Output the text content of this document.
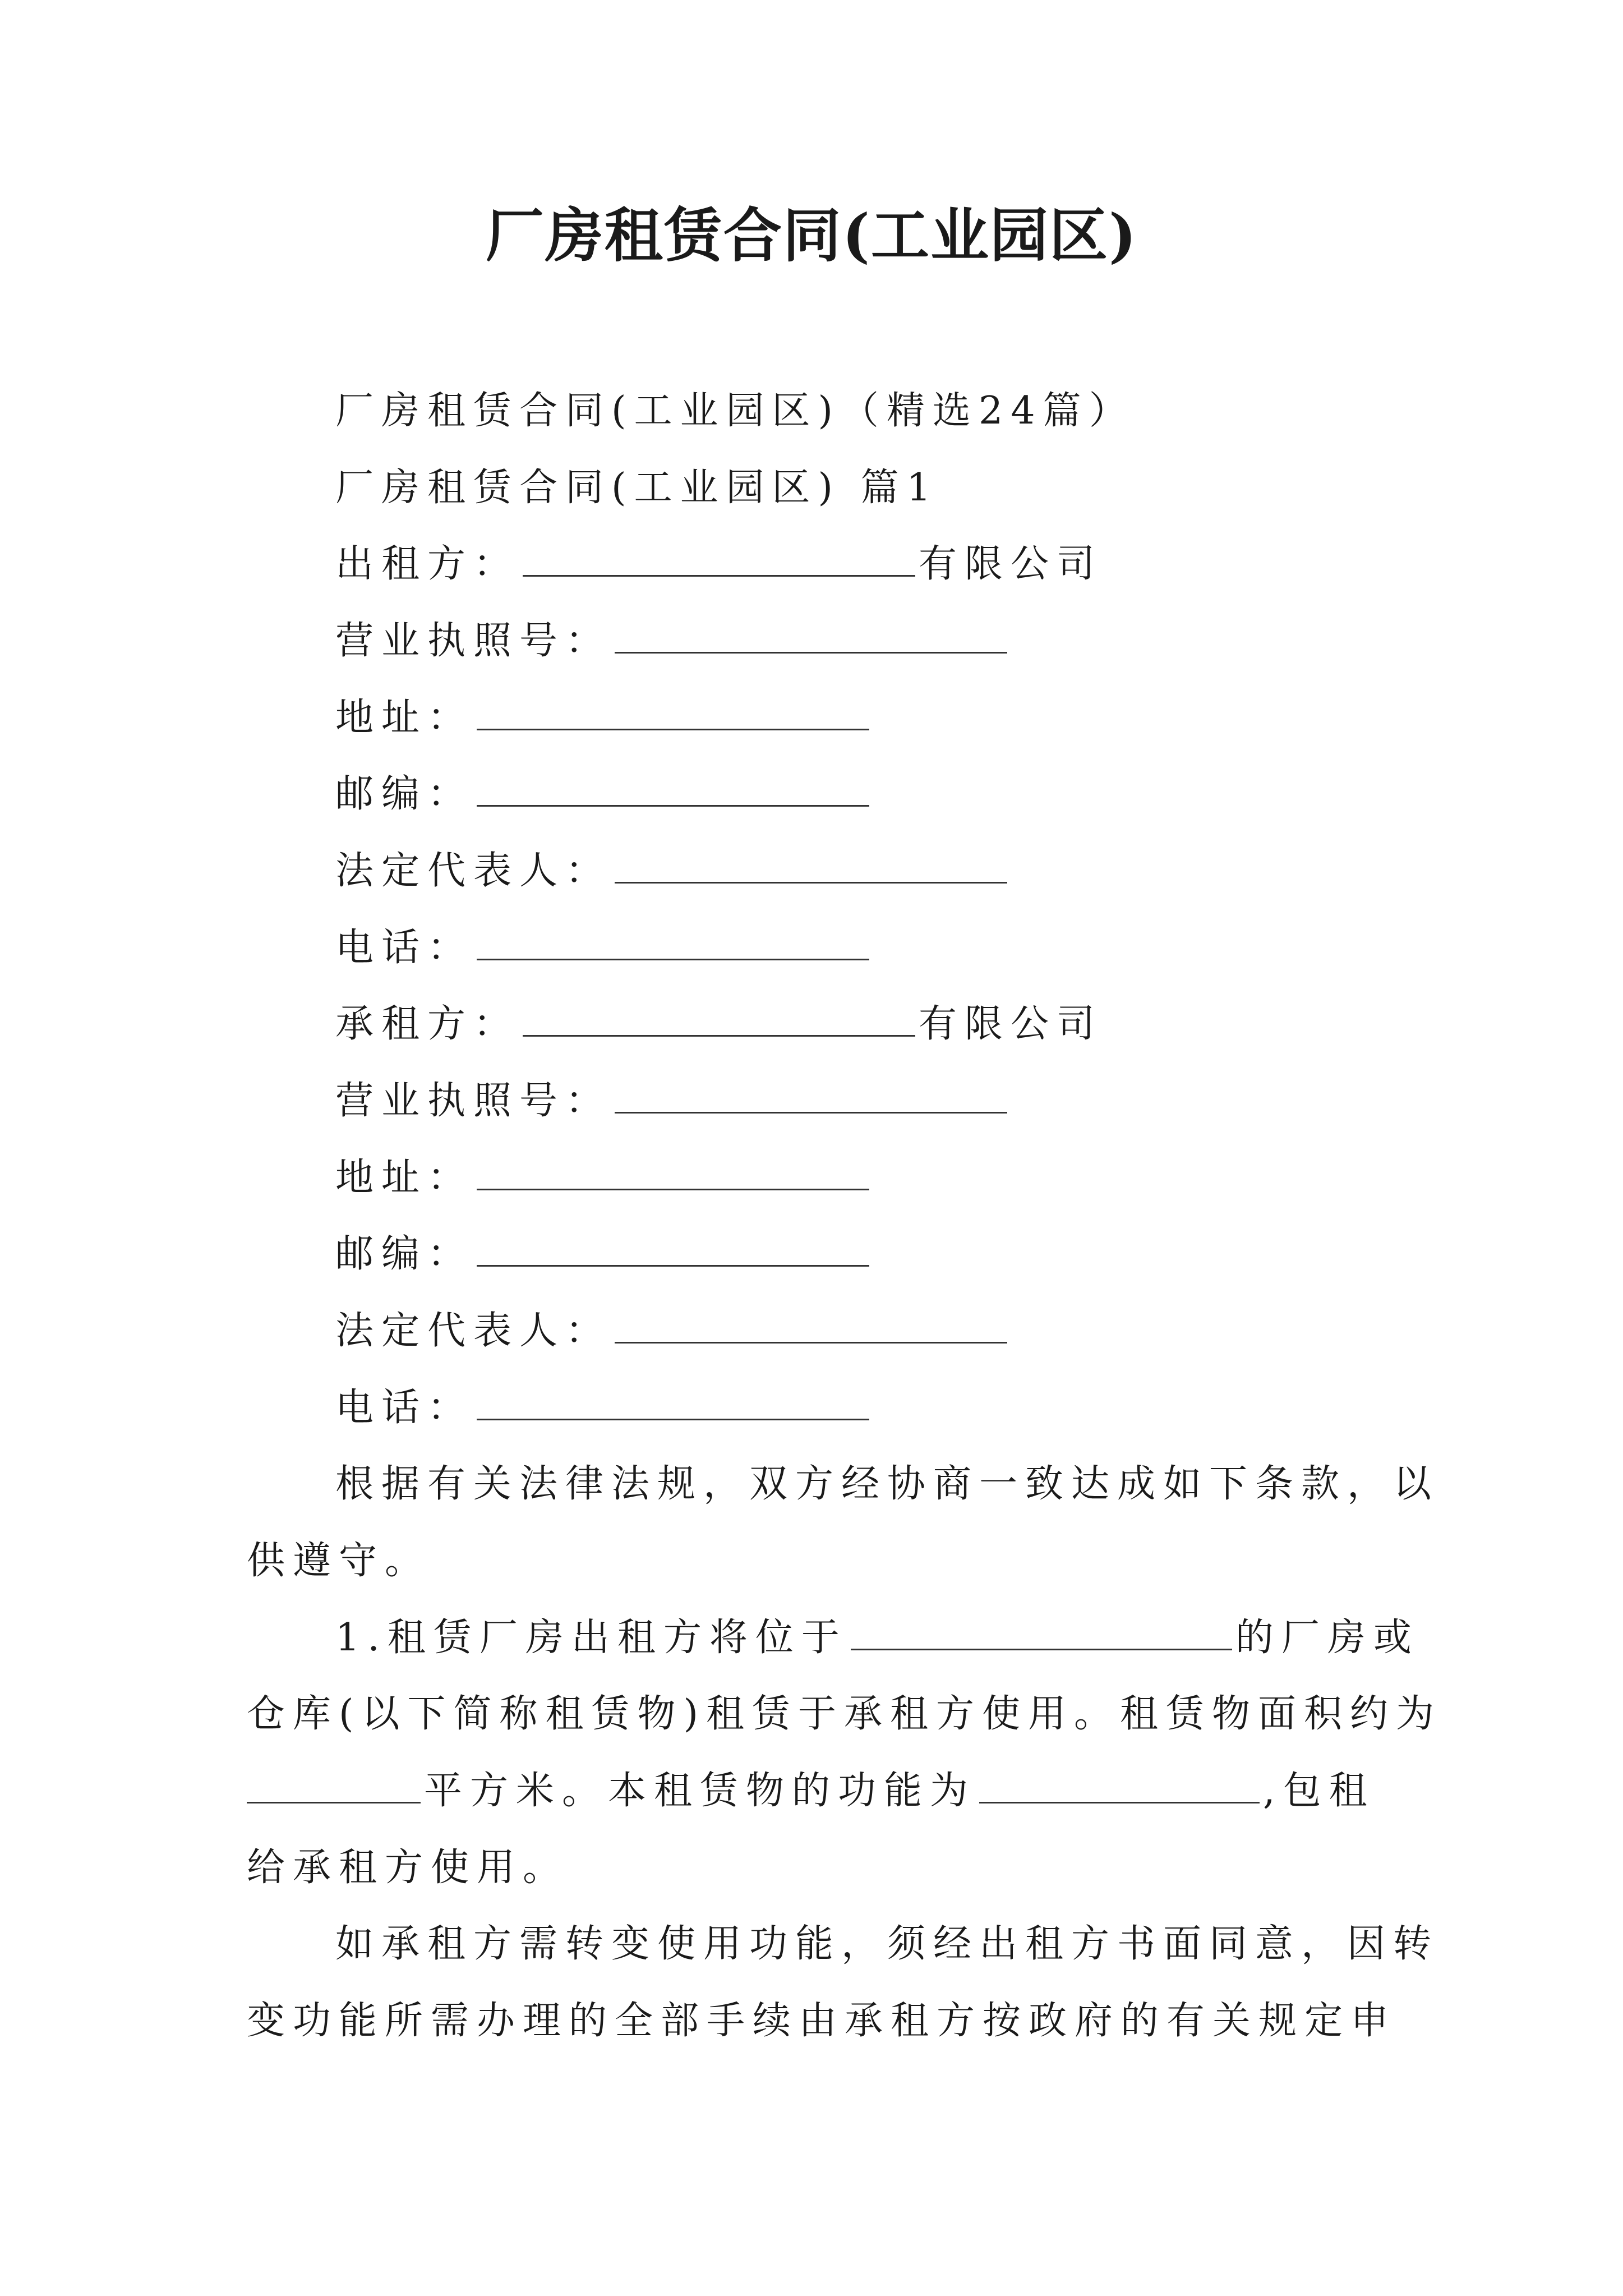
厂房租赁合同(工业园区)
厂房租赁合同(工业园区)（精选24篇）
厂房租赁合同(工业园区) 篇1
出租方：	有限公司
营业执照号：
地址：
邮编：
法定代表人：
电话：
承租方：	有限公司
营业执照号：
地址：
邮编：
法定代表人：
电话：
根据有关法律法规，双方经协商一致达成如下条款，以
供遵守。
1.租赁厂房出租方将位于	的厂房或
仓库(以下简称租赁物)租赁于承租方使用。租赁物面积约为
平方米。本租赁物的功能为	,包租
给承租方使用。
如承租方需转变使用功能，须经出租方书面同意，因转
变功能所需办理的全部手续由承租方按政府的有关规定申
